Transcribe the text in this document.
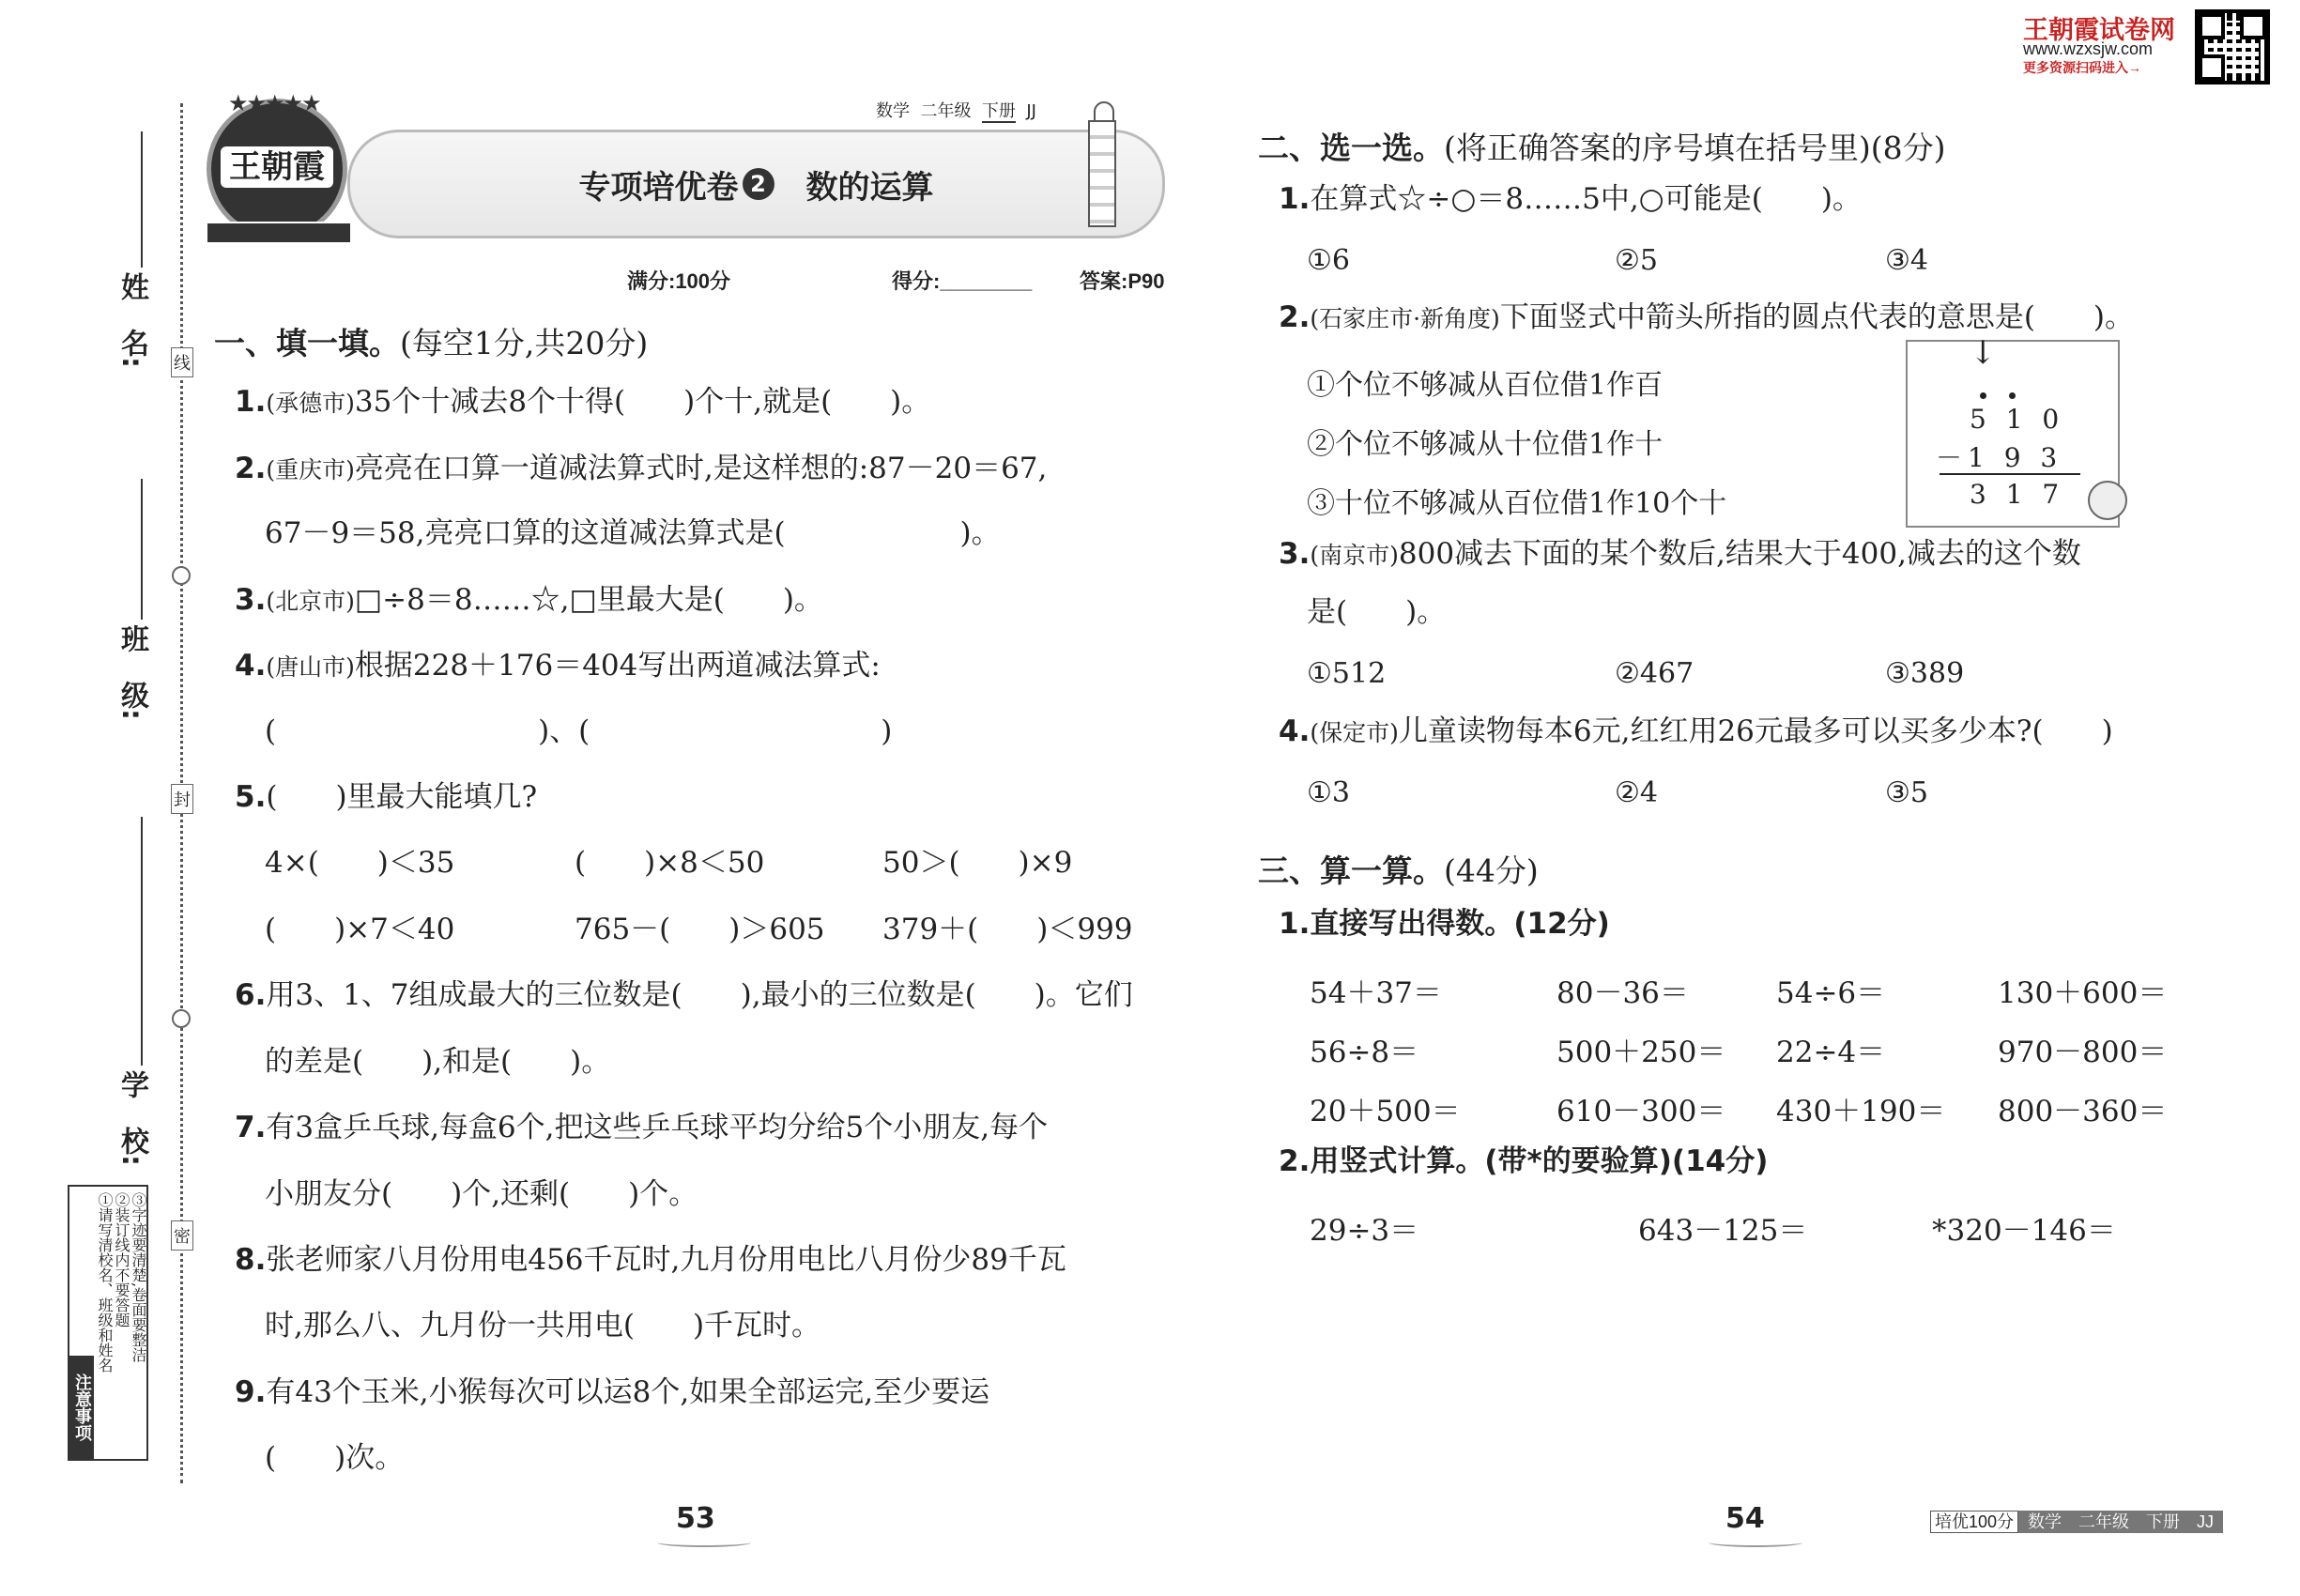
姓　名:
班　级:
学　校:
线
封
密
注意事项
①请写清校名、班级和姓名 ②装订线内不要答题 ③字迹要清楚,卷面要整洁
★★★★★
王朝霞
数学 二年级 下册 JJ
专项培优卷 2 数的运算
满分:100分	得分:________ 答案:P90
一、填一填。(每空1分,共20分)
1.(承德市)35个十减去8个十得(　　)个十,就是(　　)。
2.(重庆市)亮亮在口算一道减法算式时,是这样想的:87－20＝67,
67－9＝58,亮亮口算的这道减法算式是(　　　　　　)。
3.(北京市)□÷8＝8……☆,□里最大是(　　)。
4.(唐山市)根据228＋176＝404写出两道减法算式:
(　　　　　　　　　)、(　　　　　　　　　　)
5.(　　)里最大能填几?
4×(　　)＜35	(　　)×8＜50	50＞(　　)×9
(　　)×7＜40	765－(　　)＞605 379＋(　　)＜999
6.用3、1、7组成最大的三位数是(　　),最小的三位数是(　　)。它们
的差是(　　),和是(　　)。
7.有3盒乒乓球,每盒6个,把这些乒乓球平均分给5个小朋友,每个
小朋友分(　　)个,还剩(　　)个。
8.张老师家八月份用电456千瓦时,九月份用电比八月份少89千瓦
时,那么八、九月份一共用电(　　)千瓦时。
9.有43个玉米,小猴每次可以运8个,如果全部运完,至少要运
(　　)次。
53
王朝霞试卷网
www.wzxsjw.com
更多资源扫码进入→
二、选一选。(将正确答案的序号填在括号里)(8分)
1.在算式☆÷○＝8……5中,○可能是(　　)。
①6	②5	③4
2.(石家庄市·新角度)下面竖式中箭头所指的圆点代表的意思是(　　)。
①个位不够减从百位借1作百
②个位不够减从十位借1作十
③十位不够减从百位借1作10个十
↓
5 1 0
－1 9 3
3 1 7
3.(南京市)800减去下面的某个数后,结果大于400,减去的这个数
是(　　)。
①512	②467	③389
4.(保定市)儿童读物每本6元,红红用26元最多可以买多少本?(　　)
①3	②4	③5
三、算一算。(44分)
1.直接写出得数。(12分)
54＋37＝	80－36＝	54÷6＝	130＋600＝
56÷8＝	500＋250＝ 22÷4＝	970－800＝
20＋500＝	610－300＝ 430＋190＝ 800－360＝
2.用竖式计算。(带*的要验算)(14分)
29÷3＝	643－125＝	*320－146＝
54	培优100分 数学　二年级　下册　JJ
